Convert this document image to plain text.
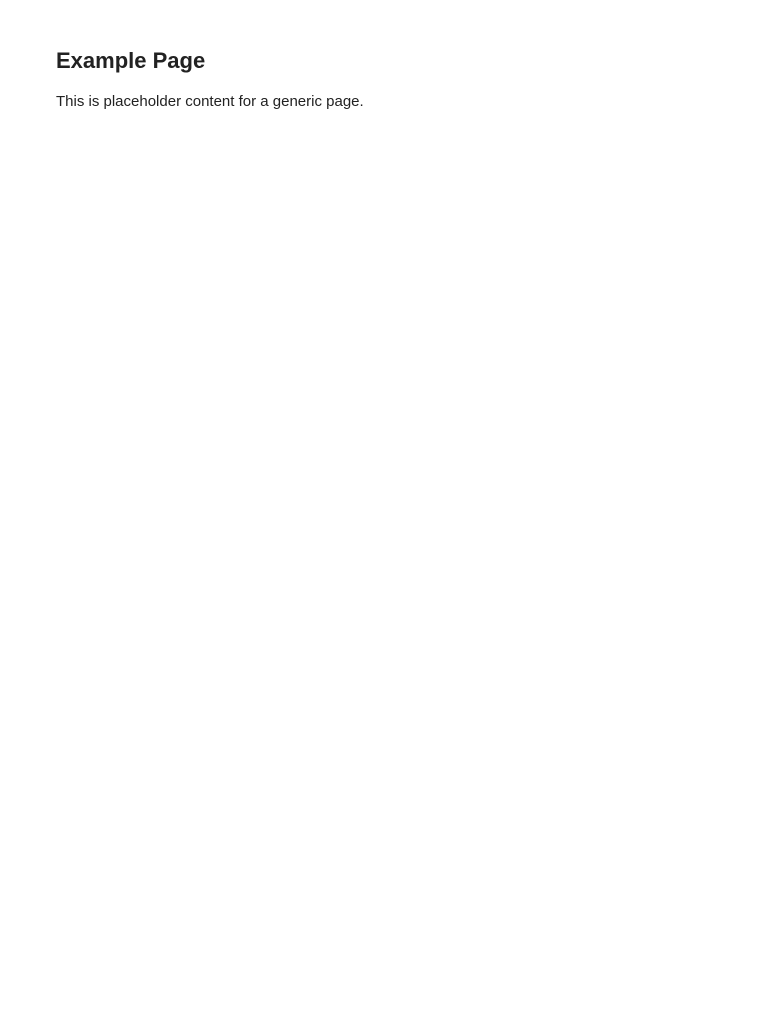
Example Page

This is placeholder content for a generic page.
